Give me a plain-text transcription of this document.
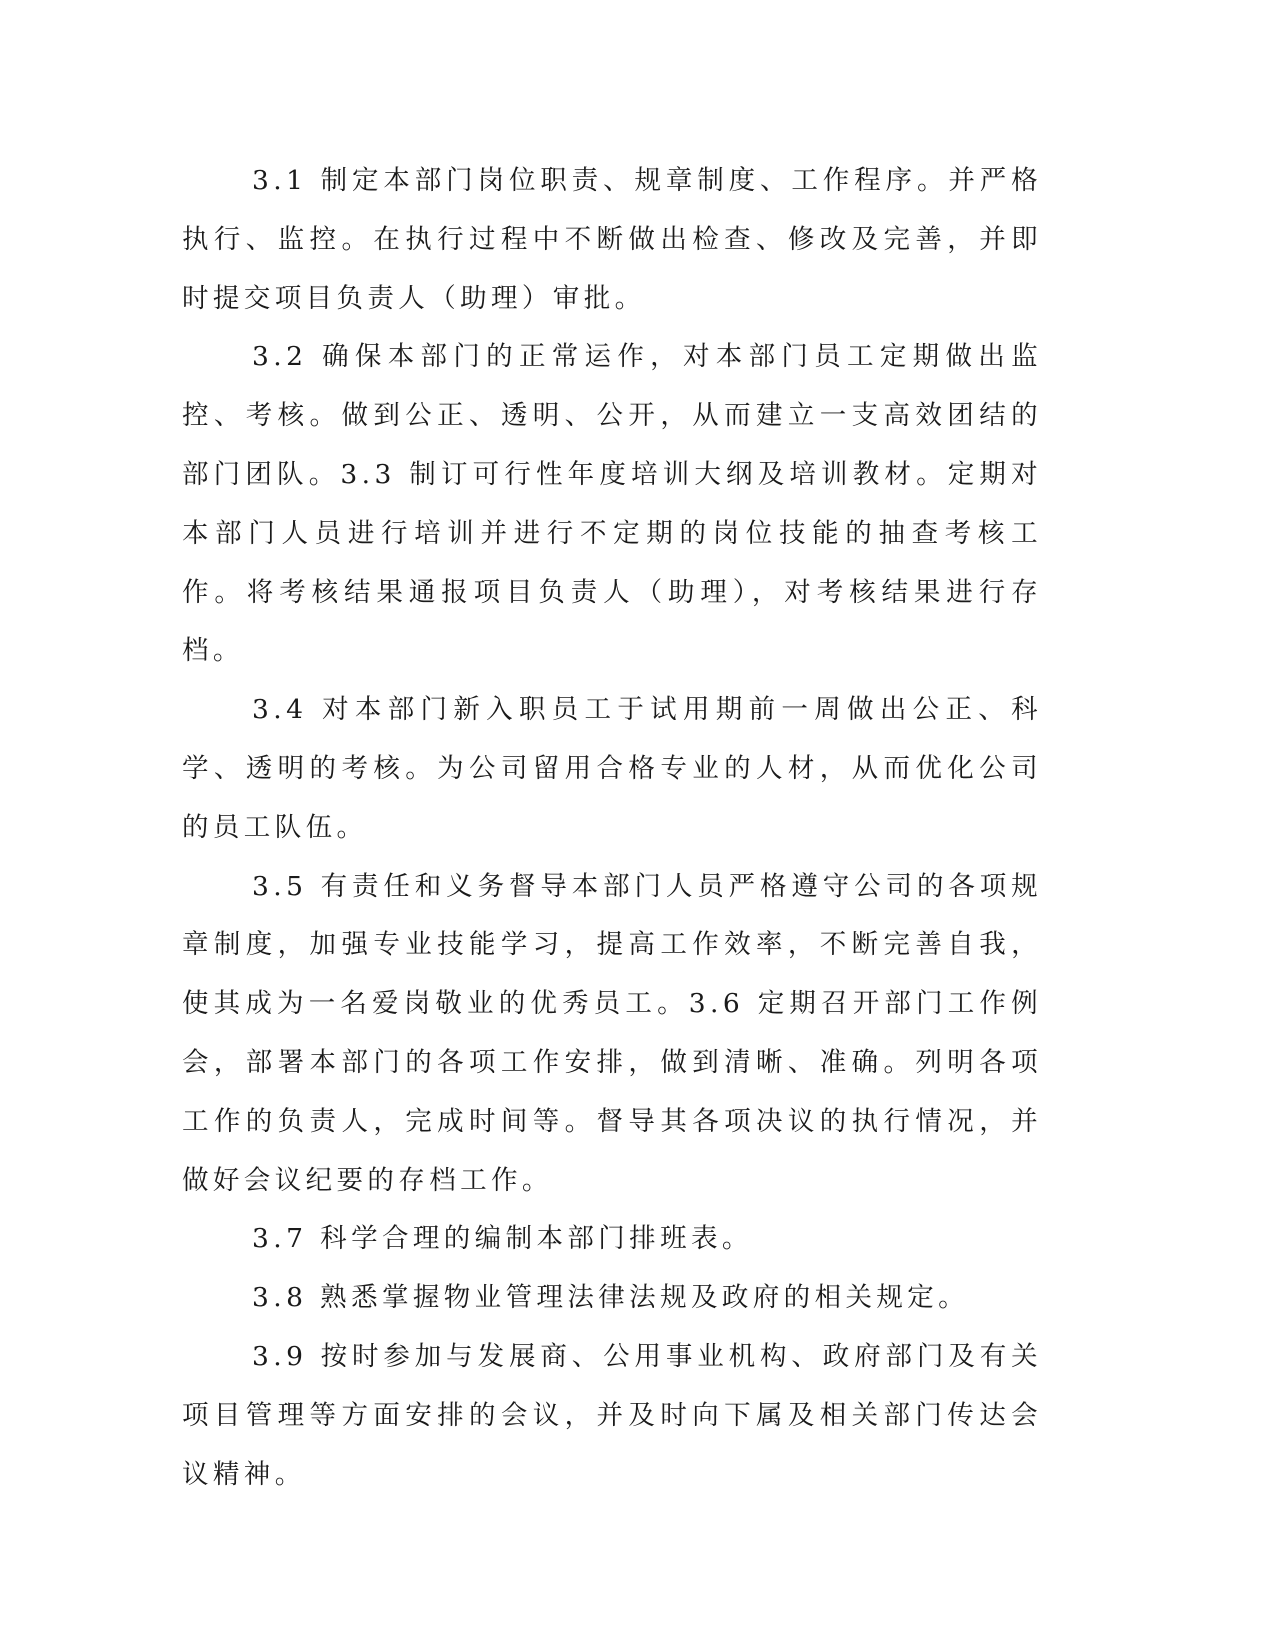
3.1 制定本部门岗位职责、规章制度、工作程序。并严格执行、监控。在执行过程中不断做出检查、修改及完善，并即时提交项目负责人（助理）审批。

3.2 确保本部门的正常运作，对本部门员工定期做出监控、考核。做到公正、透明、公开，从而建立一支高效团结的部门团队。3.3 制订可行性年度培训大纲及培训教材。定期对本部门人员进行培训并进行不定期的岗位技能的抽查考核工作。将考核结果通报项目负责人（助理），对考核结果进行存档。

3.4 对本部门新入职员工于试用期前一周做出公正、科学、透明的考核。为公司留用合格专业的人材，从而优化公司的员工队伍。

3.5 有责任和义务督导本部门人员严格遵守公司的各项规章制度，加强专业技能学习，提高工作效率，不断完善自我，使其成为一名爱岗敬业的优秀员工。3.6 定期召开部门工作例会，部署本部门的各项工作安排，做到清晰、准确。列明各项工作的负责人，完成时间等。督导其各项决议的执行情况，并做好会议纪要的存档工作。

3.7 科学合理的编制本部门排班表。

3.8 熟悉掌握物业管理法律法规及政府的相关规定。

3.9 按时参加与发展商、公用事业机构、政府部门及有关项目管理等方面安排的会议，并及时向下属及相关部门传达会议精神。
